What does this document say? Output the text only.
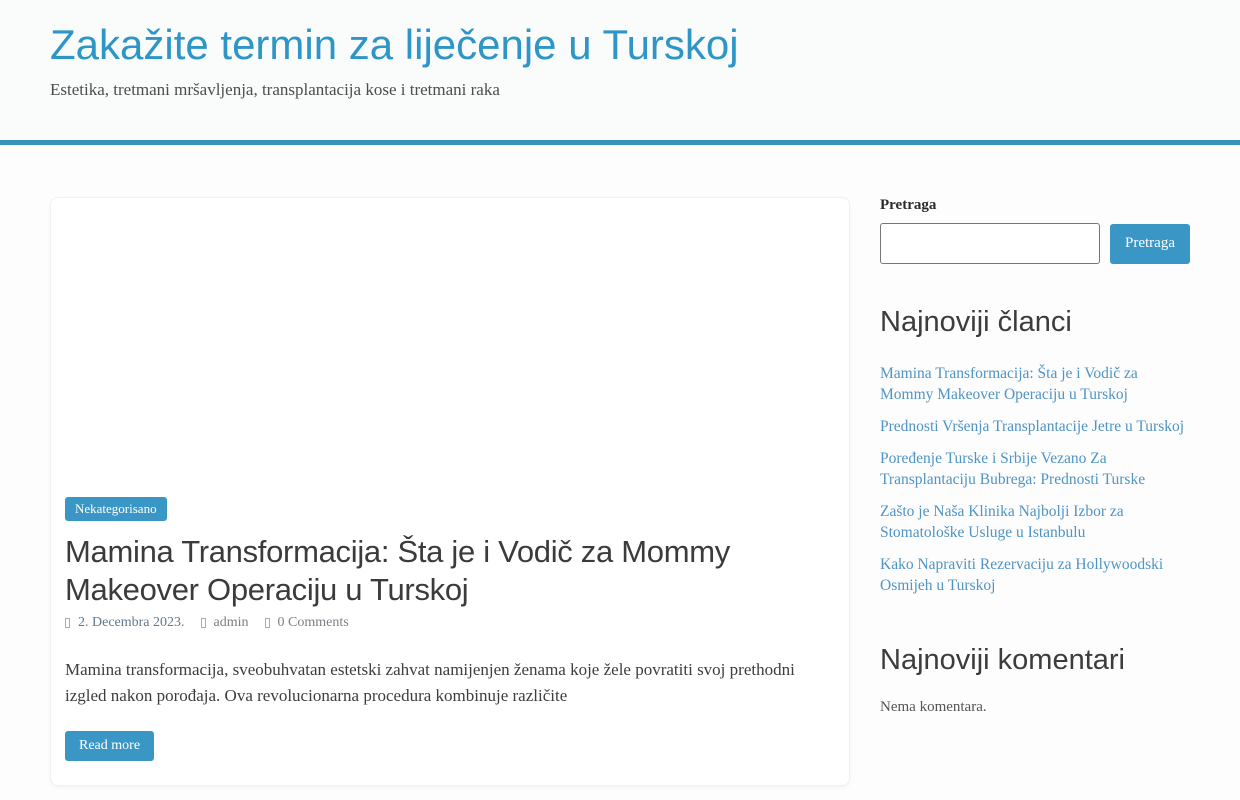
Zakažite termin za liječenje u Turskoj

Estetika, tretmani mršavljenja, transplantacija kose i tretmani raka

Nekategorisano
Mamina Transformacija: Šta je i Vodič za Mommy Makeover Operaciju u Turskoj
2. Decembra 2023. admin 0 Comments

Mamina transformacija, sveobuhvatan estetski zahvat namijenjen ženama koje žele povratiti svoj prethodni izgled nakon porođaja. Ova revolucionarna procedura kombinuje različite

Read more
Pretraga
Pretraga
Najnoviji članci
Mamina Transformacija: Šta je i Vodič za Mommy Makeover Operaciju u Turskoj
Prednosti Vršenja Transplantacije Jetre u Turskoj
Poređenje Turske i Srbije Vezano Za Transplantaciju Bubrega: Prednosti Turske
Zašto je Naša Klinika Najbolji Izbor za Stomatološke Usluge u Istanbulu
Kako Napraviti Rezervaciju za Hollywoodski Osmijeh u Turskoj
Najnoviji komentari

Nema komentara.
